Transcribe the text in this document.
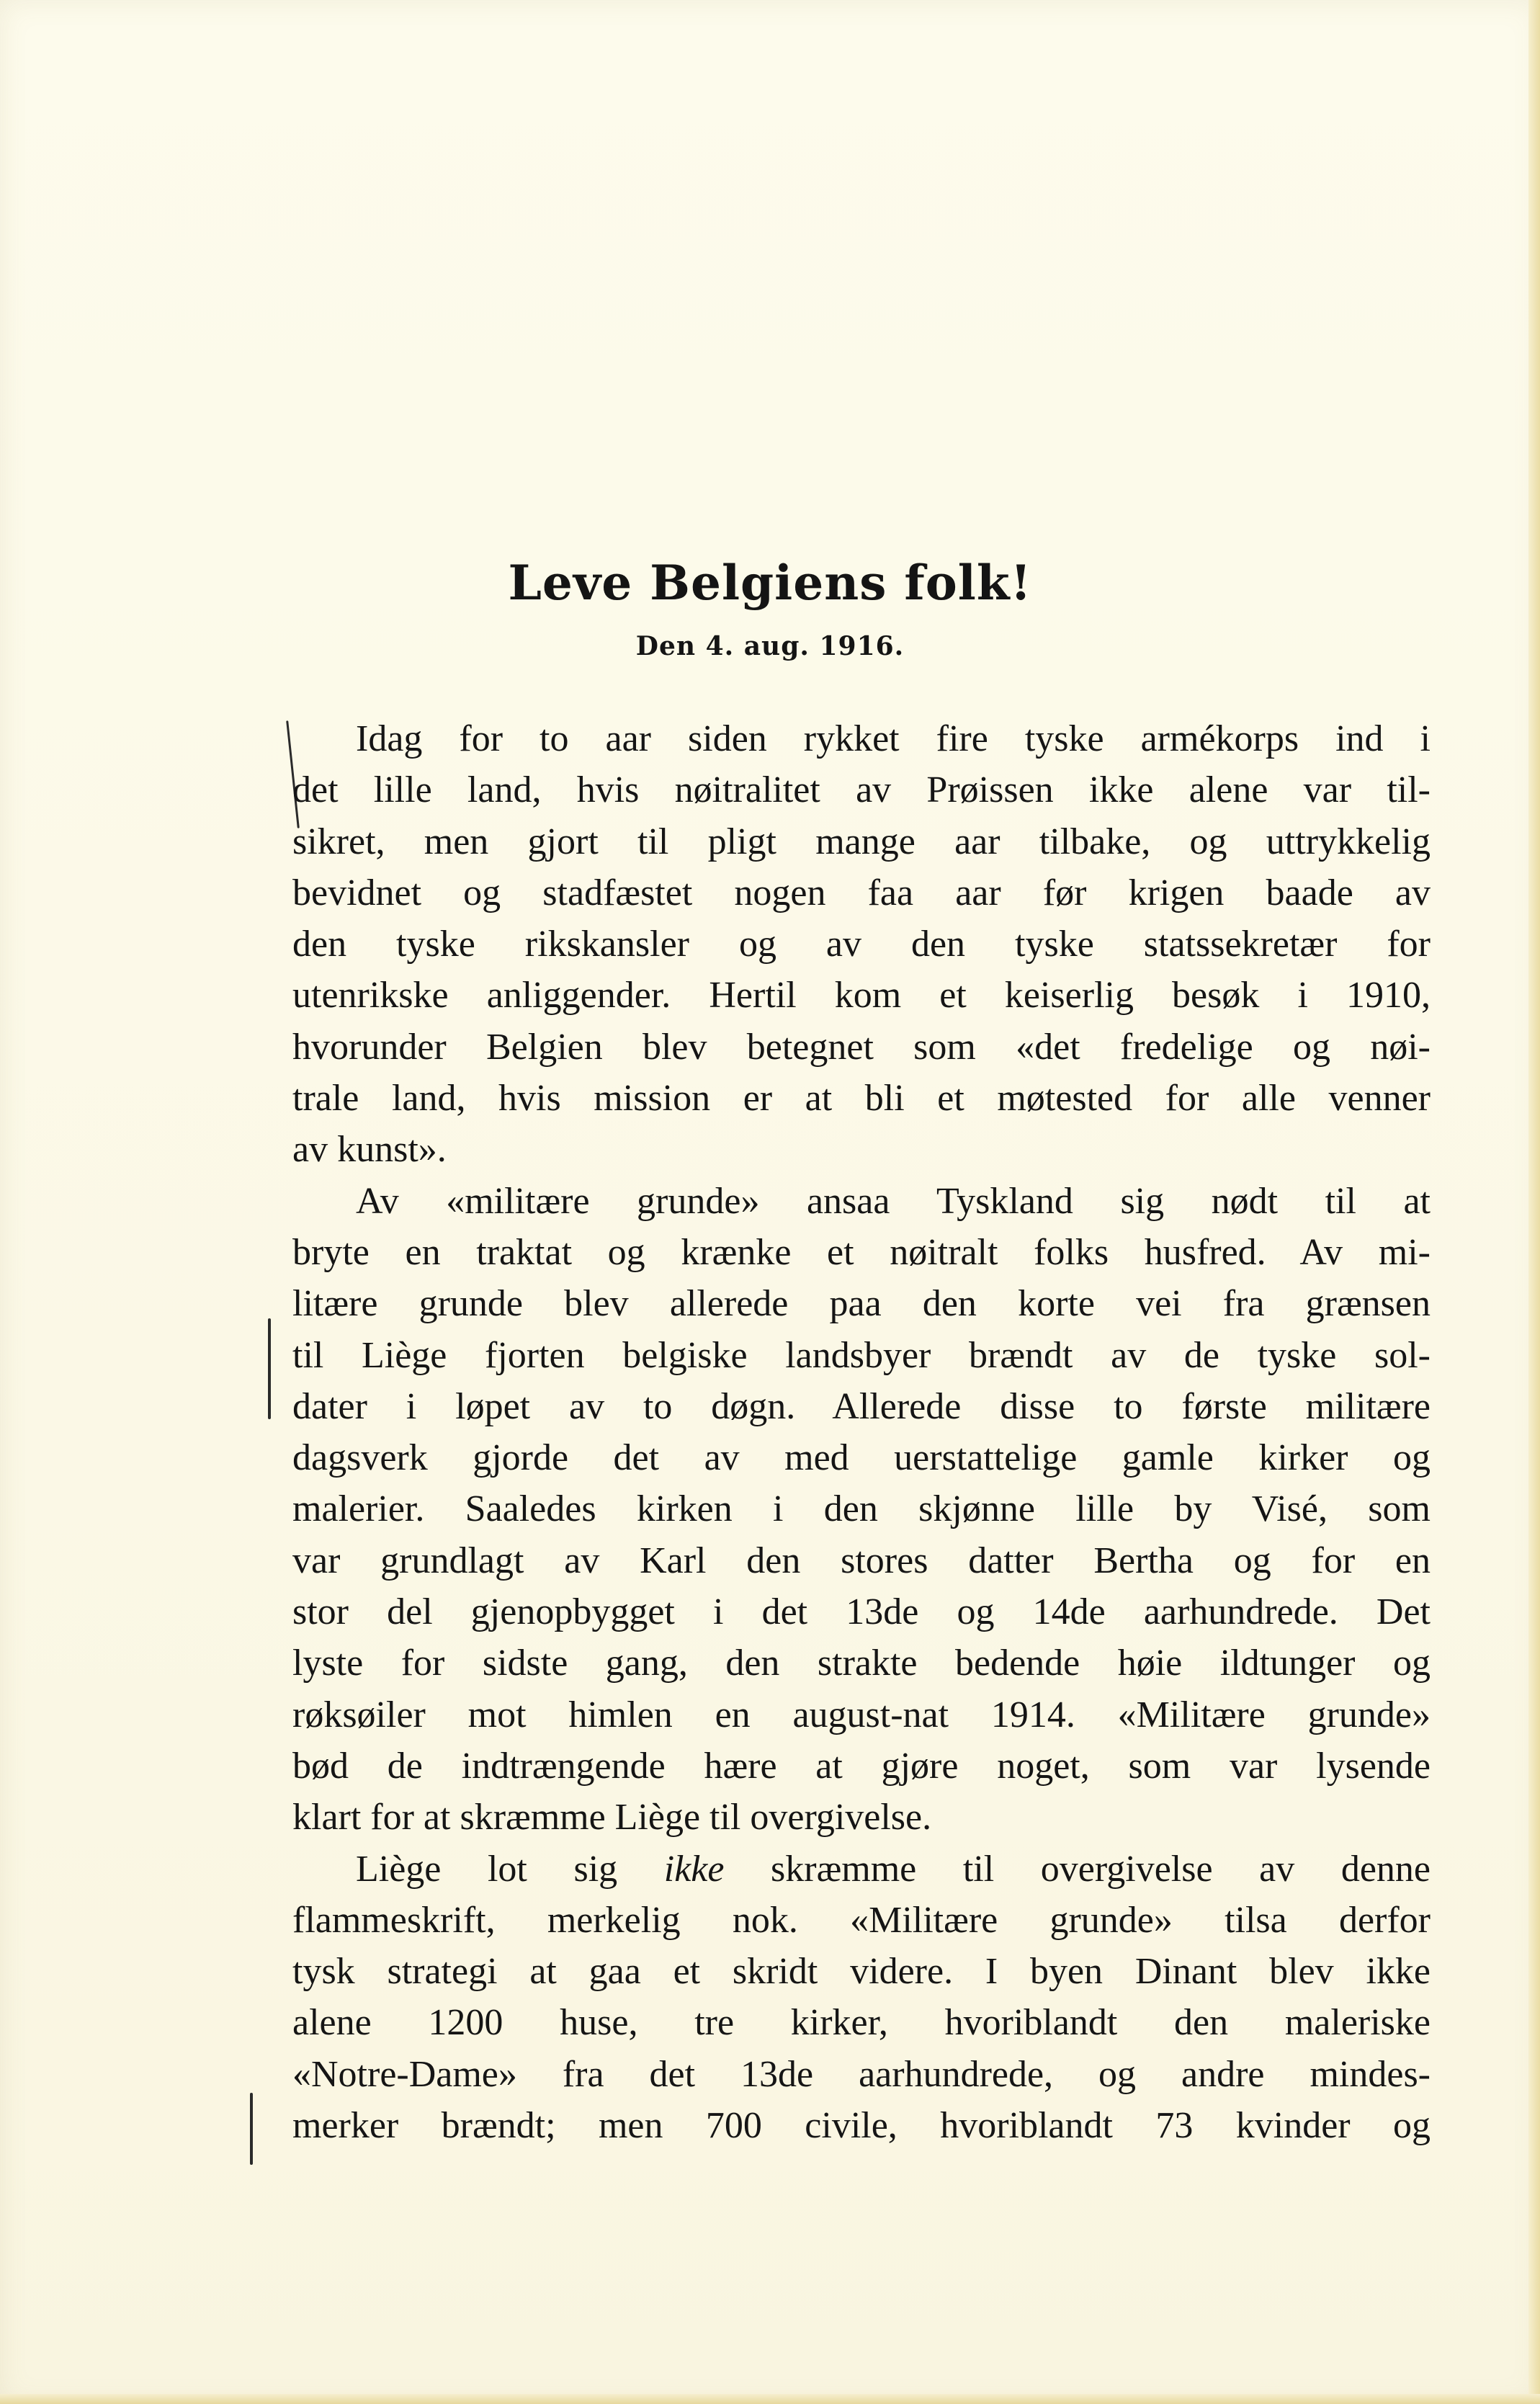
Leve Belgiens folk!
Den 4. aug. 1916.
Idag for to aar siden rykket fire tyske armékorps ind i
det lille land, hvis nøitralitet av Prøissen ikke alene var til-
sikret, men gjort til pligt mange aar tilbake, og uttrykkelig
bevidnet og stadfæstet nogen faa aar før krigen baade av
den tyske rikskansler og av den tyske statssekretær for
utenrikske anliggender. Hertil kom et keiserlig besøk i 1910,
hvorunder Belgien blev betegnet som «det fredelige og nøi-
trale land, hvis mission er at bli et møtested for alle venner
av kunst».
Av «militære grunde» ansaa Tyskland sig nødt til at
bryte en traktat og krænke et nøitralt folks husfred. Av mi-
litære grunde blev allerede paa den korte vei fra grænsen
til Liège fjorten belgiske landsbyer brændt av de tyske sol-
dater i løpet av to døgn. Allerede disse to første militære
dagsverk gjorde det av med uerstattelige gamle kirker og
malerier. Saaledes kirken i den skjønne lille by Visé, som
var grundlagt av Karl den stores datter Bertha og for en
stor del gjenopbygget i det 13de og 14de aarhundrede. Det
lyste for sidste gang, den strakte bedende høie ildtunger og
røksøiler mot himlen en august-nat 1914. «Militære grunde»
bød de indtrængende hære at gjøre noget, som var lysende
klart for at skræmme Liège til overgivelse.
Liège lot sig ikke skræmme til overgivelse av denne
flammeskrift, merkelig nok. «Militære grunde» tilsa derfor
tysk strategi at gaa et skridt videre. I byen Dinant blev ikke
alene 1200 huse, tre kirker, hvoriblandt den maleriske
«Notre-Dame» fra det 13de aarhundrede, og andre mindes-
merker brændt; men 700 civile, hvoriblandt 73 kvinder og
